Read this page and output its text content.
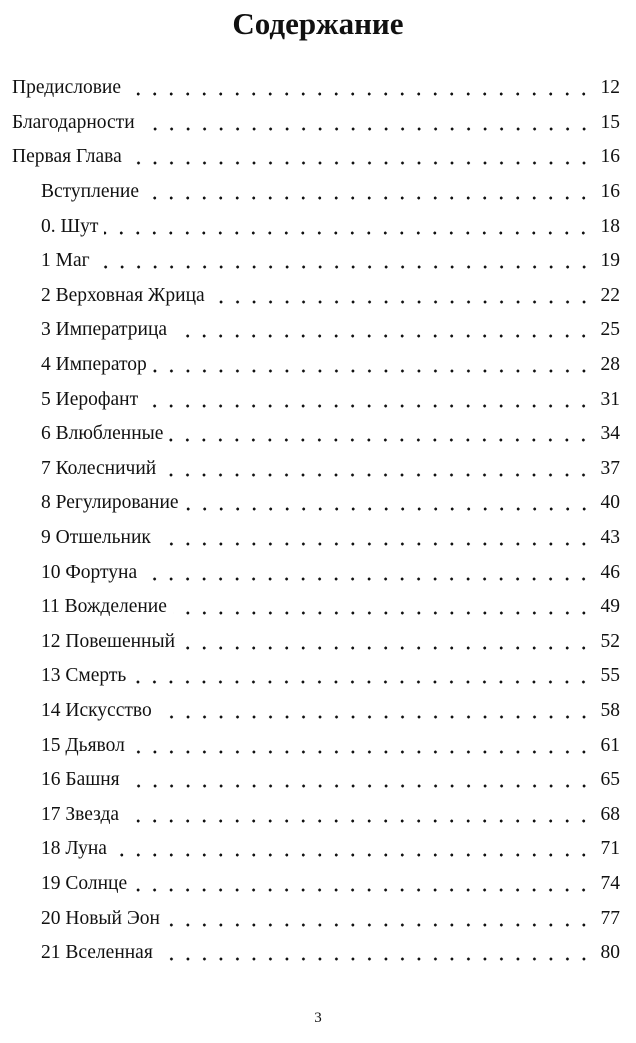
Содержание
Предисловие	12
Благодарности	15
Первая Глава	16
Вступление	16
0. Шут	18
1 Маг	19
2 Верховная Жрица	22
3 Императрица	25
4 Император	28
5 Иерофант	31
6 Влюбленные	34
7 Колесничий	37
8 Регулирование	40
9 Отшельник	43
10 Фортуна	46
11 Вожделение	49
12 Повешенный	52
13 Смерть	55
14 Искусство	58
15 Дьявол	61
16 Башня	65
17 Звезда	68
18 Луна	71
19 Солнце	74
20 Новый Эон	77
21 Вселенная	80
3
